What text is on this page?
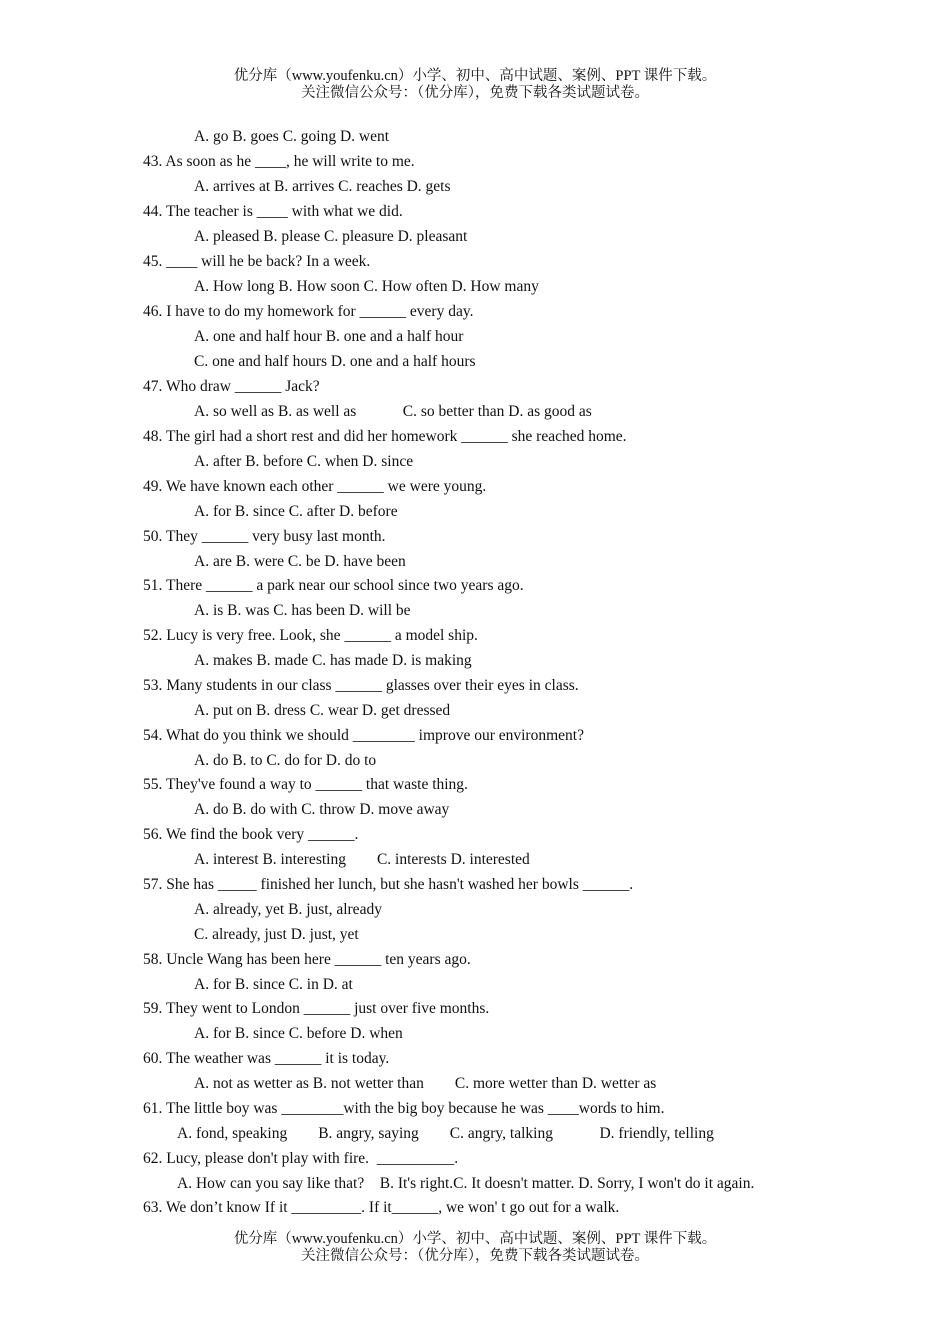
优分库（www.youfenku.cn）小学、初中、高中试题、案例、PPT 课件下载。
关注微信公众号：（优分库），免费下载各类试题试卷。
A. go B. goes C. going D. went
43. As soon as he ____, he will write to me.
A. arrives at B. arrives C. reaches D. gets
44. The teacher is ____ with what we did.
A. pleased B. please C. pleasure D. pleasant
45. ____ will he be back? In a week.
A. How long B. How soon C. How often D. How many
46. I have to do my homework for ______ every day.
A. one and half hour B. one and a half hour
C. one and half hours D. one and a half hours
47. Who draw ______ Jack?
A. so well as B. as well as            C. so better than D. as good as
48. The girl had a short rest and did her homework ______ she reached home.
A. after B. before C. when D. since
49. We have known each other ______ we were young.
A. for B. since C. after D. before
50. They ______ very busy last month.
A. are B. were C. be D. have been
51. There ______ a park near our school since two years ago.
A. is B. was C. has been D. will be
52. Lucy is very free. Look, she ______ a model ship.
A. makes B. made C. has made D. is making
53. Many students in our class ______ glasses over their eyes in class.
A. put on B. dress C. wear D. get dressed
54. What do you think we should ________ improve our environment?
A. do B. to C. do for D. do to
55. They've found a way to ______ that waste thing.
A. do B. do with C. throw D. move away
56. We find the book very ______.
A. interest B. interesting        C. interests D. interested
57. She has _____ finished her lunch, but she hasn't washed her bowls ______.
A. already, yet B. just, already
C. already, just D. just, yet
58. Uncle Wang has been here ______ ten years ago.
A. for B. since C. in D. at
59. They went to London ______ just over five months.
A. for B. since C. before D. when
60. The weather was ______ it is today.
A. not as wetter as B. not wetter than        C. more wetter than D. wetter as
61. The little boy was ________with the big boy because he was ____words to him.
A. fond, speaking        B. angry, saying        C. angry, talking            D. friendly, telling
62. Lucy, please don't play with fire.  __________.
A. How can you say like that?    B. It's right.C. It doesn't matter. D. Sorry, I won't do it again.
63. We don’t know If it _________. If it______, we won' t go out for a walk.
优分库（www.youfenku.cn）小学、初中、高中试题、案例、PPT 课件下载。
关注微信公众号：（优分库），免费下载各类试题试卷。
